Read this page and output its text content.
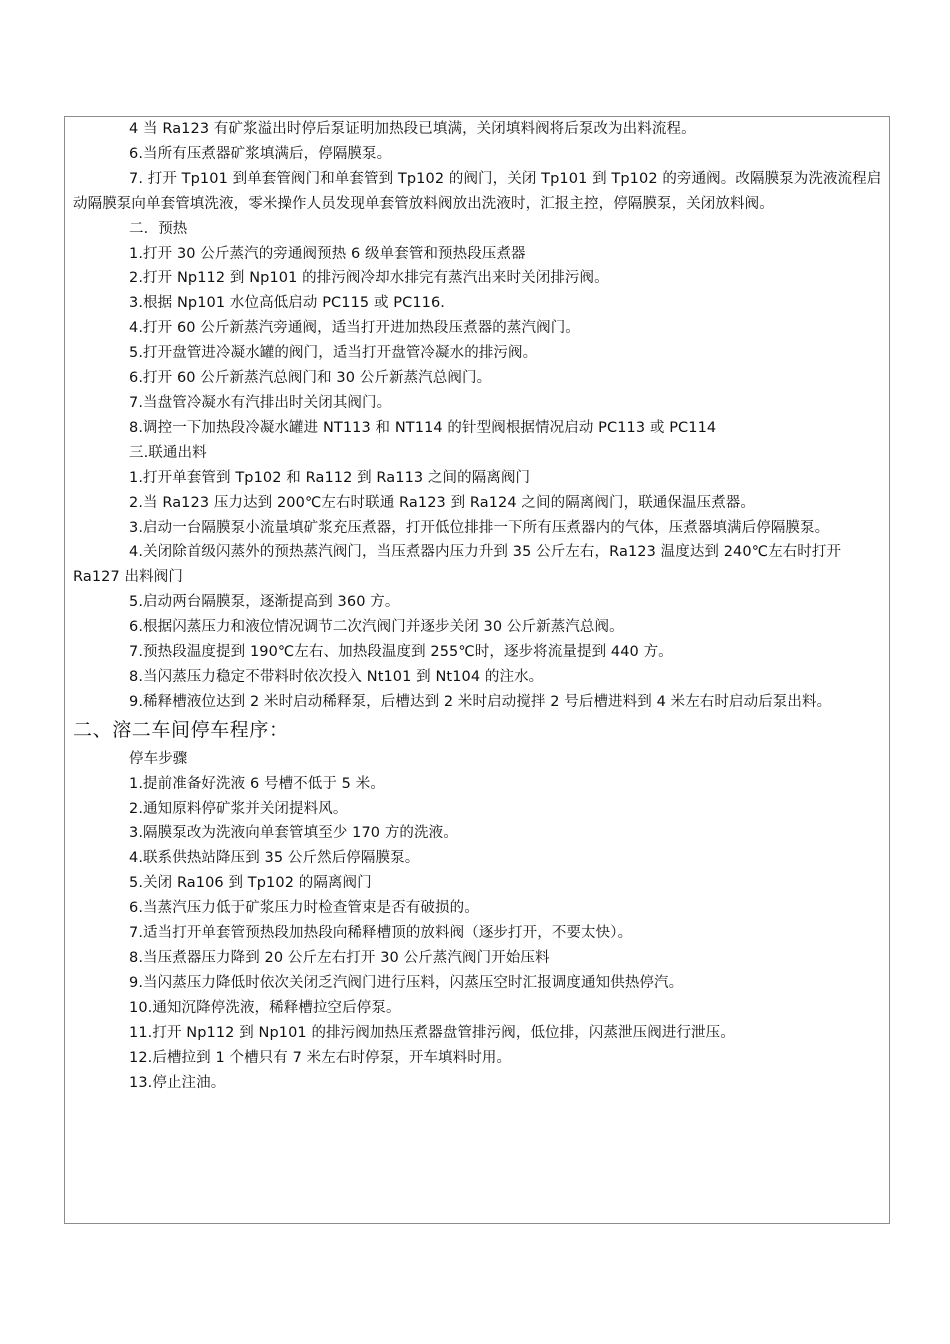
4 当 Ra123 有矿浆溢出时停后泵证明加热段已填满，关闭填料阀将后泵改为出料流程。

6.当所有压煮器矿浆填满后，停隔膜泵。

7. 打开 Tp101 到单套管阀门和单套管到 Tp102 的阀门，关闭 Tp101 到 Tp102 的旁通阀。改隔膜泵为洗液流程启动隔膜泵向单套管填洗液，零米操作人员发现单套管放料阀放出洗液时，汇报主控，停隔膜泵，关闭放料阀。

二．预热

1.打开 30 公斤蒸汽的旁通阀预热 6 级单套管和预热段压煮器

2.打开 Np112 到 Np101 的排污阀冷却水排完有蒸汽出来时关闭排污阀。

3.根据 Np101 水位高低启动 PC115 或 PC116.

4.打开 60 公斤新蒸汽旁通阀，适当打开进加热段压煮器的蒸汽阀门。

5.打开盘管进冷凝水罐的阀门，适当打开盘管冷凝水的排污阀。

6.打开 60 公斤新蒸汽总阀门和 30 公斤新蒸汽总阀门。

7.当盘管冷凝水有汽排出时关闭其阀门。

8.调控一下加热段冷凝水罐进 NT113 和 NT114 的针型阀根据情况启动 PC113 或 PC114

三.联通出料

1.打开单套管到 Tp102 和 Ra112 到 Ra113 之间的隔离阀门

2.当 Ra123 压力达到 200℃左右时联通 Ra123 到 Ra124 之间的隔离阀门，联通保温压煮器。

3.启动一台隔膜泵小流量填矿浆充压煮器，打开低位排排一下所有压煮器内的气体，压煮器填满后停隔膜泵。

4.关闭除首级闪蒸外的预热蒸汽阀门，当压煮器内压力升到 35 公斤左右，Ra123 温度达到 240℃左右时打开 Ra127 出料阀门

5.启动两台隔膜泵，逐渐提高到 360 方。

6.根据闪蒸压力和液位情况调节二次汽阀门并逐步关闭 30 公斤新蒸汽总阀。

7.预热段温度提到 190℃左右、加热段温度到 255℃时，逐步将流量提到 440 方。

8.当闪蒸压力稳定不带料时依次投入 Nt101 到 Nt104 的注水。

9.稀释槽液位达到 2 米时启动稀释泵，后槽达到 2 米时启动搅拌 2 号后槽进料到 4 米左右时启动后泵出料。

二、溶二车间停车程序：

停车步骤

1.提前准备好洗液 6 号槽不低于 5 米。

2.通知原料停矿浆并关闭提料风。

3.隔膜泵改为洗液向单套管填至少 170 方的洗液。

4.联系供热站降压到 35 公斤然后停隔膜泵。

5.关闭 Ra106 到 Tp102 的隔离阀门

6.当蒸汽压力低于矿浆压力时检查管束是否有破损的。

7.适当打开单套管预热段加热段向稀释槽顶的放料阀（逐步打开，不要太快）。

8.当压煮器压力降到 20 公斤左右打开 30 公斤蒸汽阀门开始压料

9.当闪蒸压力降低时依次关闭乏汽阀门进行压料，闪蒸压空时汇报调度通知供热停汽。

10.通知沉降停洗液，稀释槽拉空后停泵。

11.打开 Np112 到 Np101 的排污阀加热压煮器盘管排污阀，低位排，闪蒸泄压阀进行泄压。

12.后槽拉到 1 个槽只有 7 米左右时停泵，开车填料时用。

13.停止注油。
